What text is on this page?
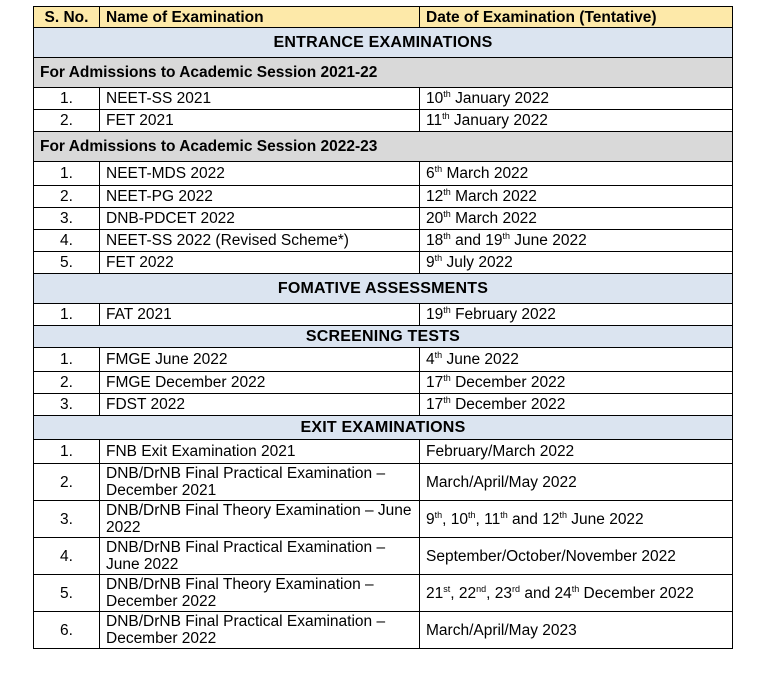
S. No.	Name of Examination	Date of Examination (Tentative)
ENTRANCE EXAMINATIONS		
For Admissions to Academic Session 2021-22		
1.	NEET-SS 2021	10th January 2022
2.	FET 2021	11th January 2022
For Admissions to Academic Session 2022-23		
1.	NEET-MDS 2022	6th March 2022
2.	NEET-PG 2022	12th March 2022
3.	DNB-PDCET 2022	20th March 2022
4.	NEET-SS 2022 (Revised Scheme*)	18th and 19th June 2022
5.	FET 2022	9th July 2022
FOMATIVE ASSESSMENTS		
1.	FAT 2021	19th February 2022
SCREENING TESTS		
1.	FMGE June 2022	4th June 2022
2.	FMGE December 2022	17th December 2022
3.	FDST 2022	17th December 2022
EXIT EXAMINATIONS		
1.	FNB Exit Examination 2021	February/March 2022
2.	DNB/DrNB Final Practical Examination – December 2021	March/April/May 2022
3.	DNB/DrNB Final Theory Examination – June 2022	9th, 10th, 11th and 12th June 2022
4.	DNB/DrNB Final Practical Examination – June 2022	September/October/November 2022
5.	DNB/DrNB Final Theory Examination – December 2022	21st, 22nd, 23rd and 24th December 2022
6.	DNB/DrNB Final Practical Examination – December 2022	March/April/May 2023
